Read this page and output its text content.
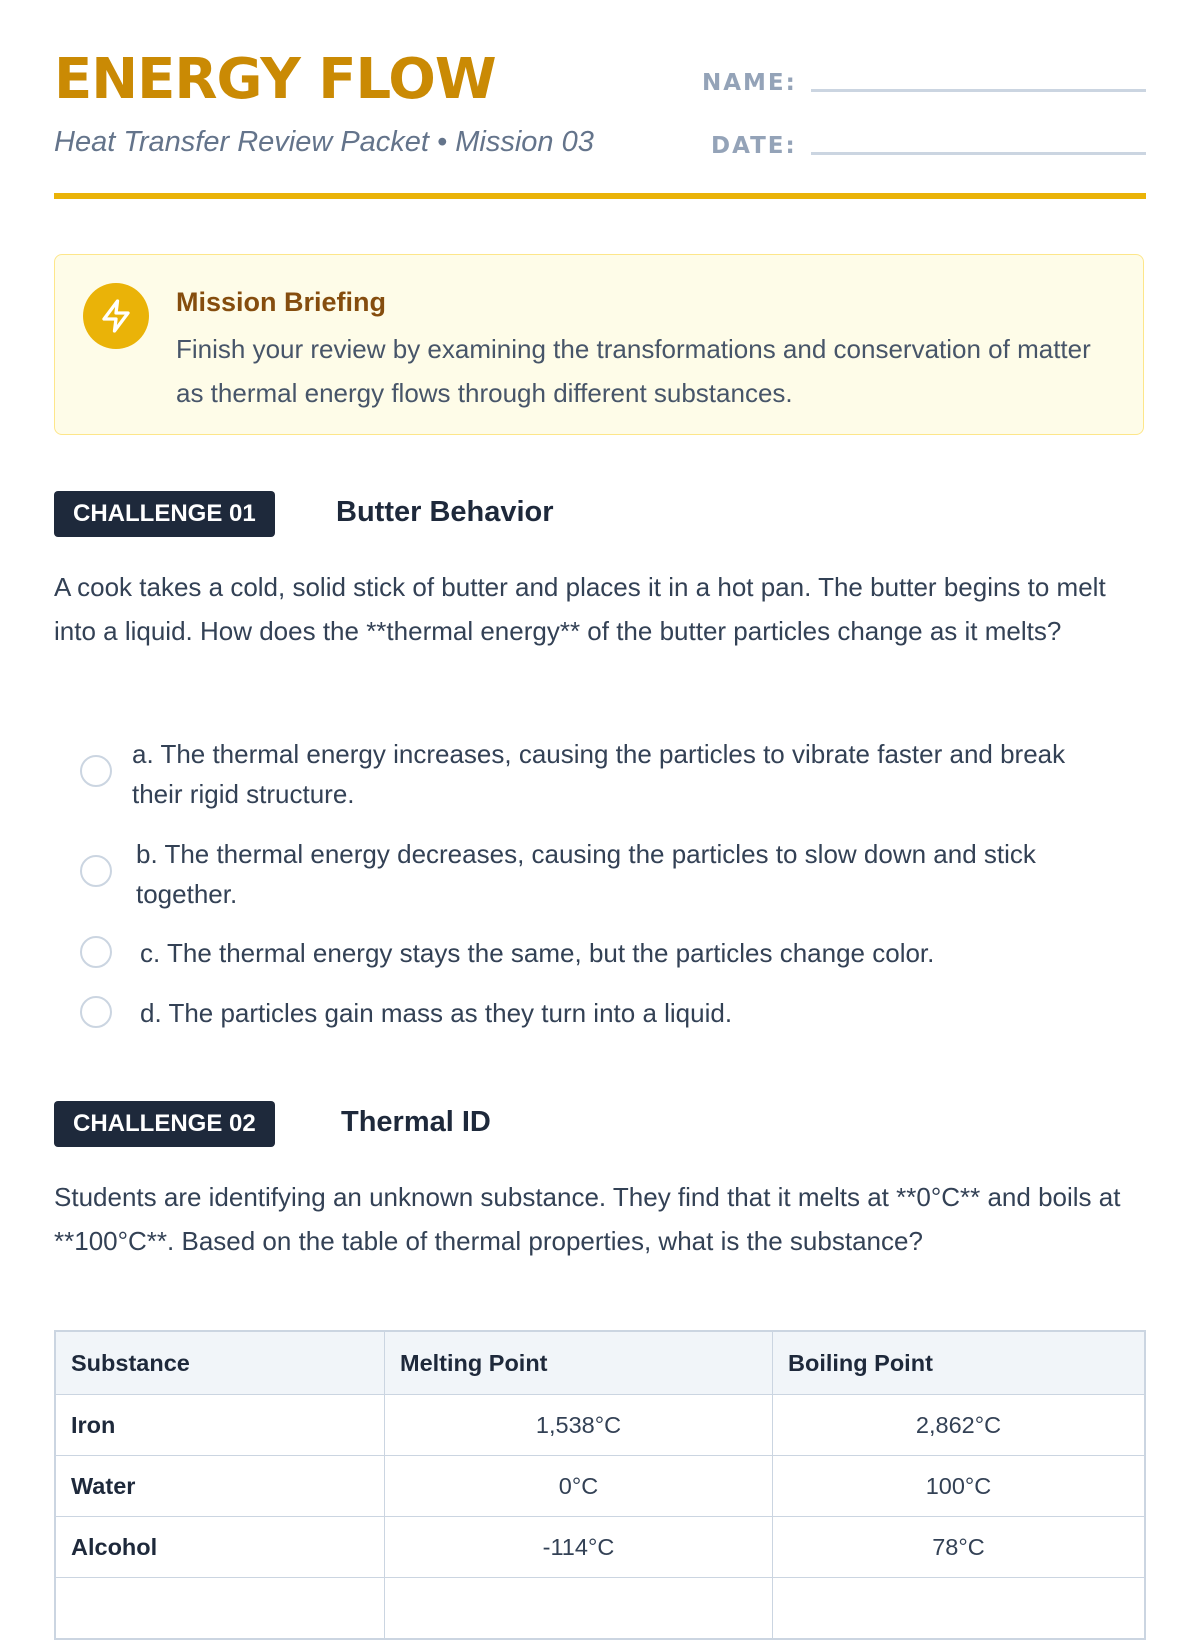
ENERGY FLOW
Heat Transfer Review Packet • Mission 03
NAME:
DATE:
Mission Briefing
Finish your review by examining the transformations and conservation of matter as thermal energy flows through different substances.
CHALLENGE 01	Butter Behavior
A cook takes a cold, solid stick of butter and places it in a hot pan. The butter begins to melt into a liquid. How does the **thermal energy** of the butter particles change as it melts?
a. The thermal energy increases, causing the particles to vibrate faster and break their rigid structure.
b. The thermal energy decreases, causing the particles to slow down and stick together.
c. The thermal energy stays the same, but the particles change color.
d. The particles gain mass as they turn into a liquid.
CHALLENGE 02	Thermal ID
Students are identifying an unknown substance. They find that it melts at **0°C** and boils at **100°C**. Based on the table of thermal properties, what is the substance?
Substance	Melting Point	Boiling Point
Iron	1,538°C	2,862°C
Water	0°C	100°C
Alcohol	-114°C	78°C
